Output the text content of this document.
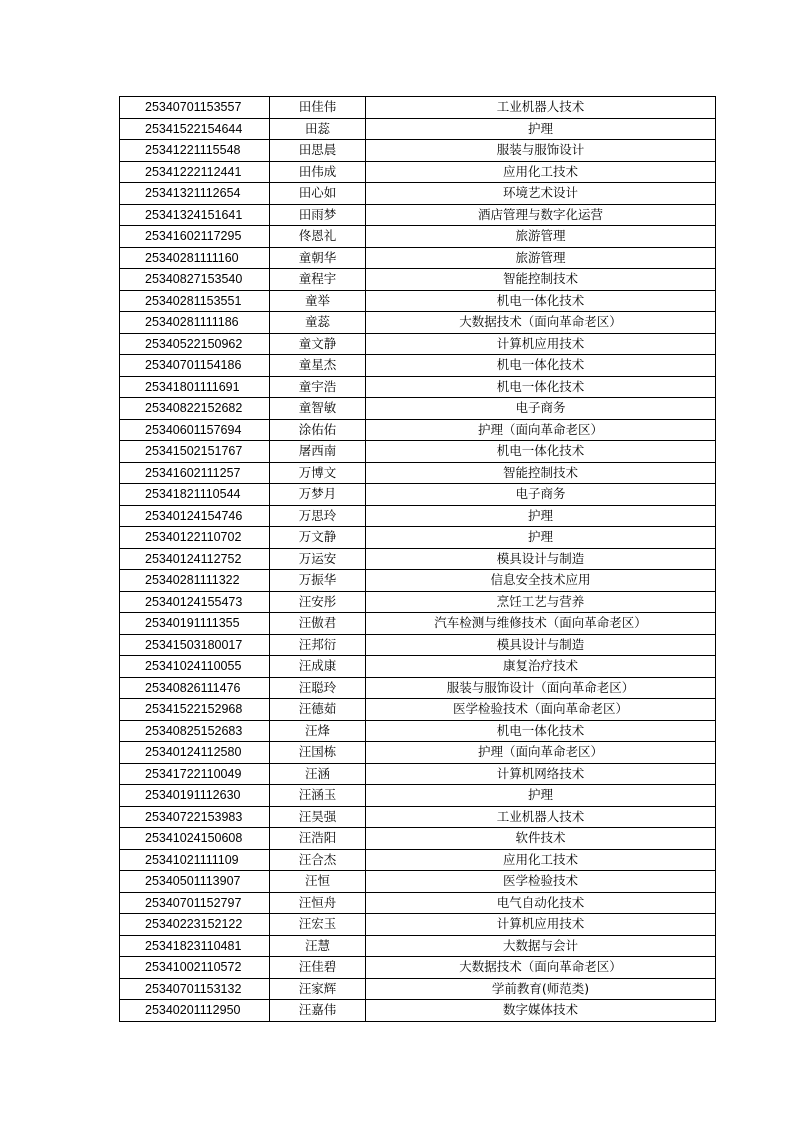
25340701153557	田佳伟	工业机器人技术
25341522154644	田蕊	护理
25341221115548	田思晨	服装与服饰设计
25341222112441	田伟成	应用化工技术
25341321112654	田心如	环境艺术设计
25341324151641	田雨梦	酒店管理与数字化运营
25341602117295	佟恩礼	旅游管理
25340281111160	童朝华	旅游管理
25340827153540	童程宇	智能控制技术
25340281153551	童举	机电一体化技术
25340281111186	童蕊	大数据技术（面向革命老区）
25340522150962	童文静	计算机应用技术
25340701154186	童星杰	机电一体化技术
25341801111691	童宇浩	机电一体化技术
25340822152682	童智敏	电子商务
25340601157694	涂佑佑	护理（面向革命老区）
25341502151767	屠西南	机电一体化技术
25341602111257	万博文	智能控制技术
25341821110544	万梦月	电子商务
25340124154746	万思玲	护理
25340122110702	万文静	护理
25340124112752	万运安	模具设计与制造
25340281111322	万振华	信息安全技术应用
25340124155473	汪安彤	烹饪工艺与营养
25340191111355	汪傲君	汽车检测与维修技术（面向革命老区）
25341503180017	汪邦衍	模具设计与制造
25341024110055	汪成康	康复治疗技术
25340826111476	汪聪玲	服装与服饰设计（面向革命老区）
25341522152968	汪德茹	医学检验技术（面向革命老区）
25340825152683	汪烽	机电一体化技术
25340124112580	汪国栋	护理（面向革命老区）
25341722110049	汪涵	计算机网络技术
25340191112630	汪涵玉	护理
25340722153983	汪昊强	工业机器人技术
25341024150608	汪浩阳	软件技术
25341021111109	汪合杰	应用化工技术
25340501113907	汪恒	医学检验技术
25340701152797	汪恒舟	电气自动化技术
25340223152122	汪宏玉	计算机应用技术
25341823110481	汪慧	大数据与会计
25341002110572	汪佳碧	大数据技术（面向革命老区）
25340701153132	汪家辉	学前教育(师范类)
25340201112950	汪嘉伟	数字媒体技术
